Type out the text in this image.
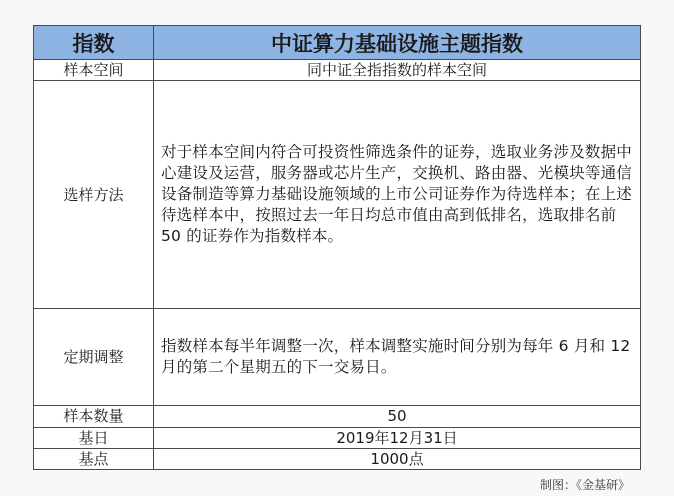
指数	中证算力基础设施主题指数
样本空间	同中证全指指数的样本空间
选样方法	对于样本空间内符合可投资性筛选条件的证券，选取业务涉及数据中心建设及运营，服务器或芯片生产，交换机、路由器、光模块等通信设备制造等算力基础设施领域的上市公司证券作为待选样本；在上述待选样本中，按照过去一年日均总市值由高到低排名，选取排名前 50 的证券作为指数样本。
定期调整	指数样本每半年调整一次，样本调整实施时间分别为每年 6 月和 12 月的第二个星期五的下一交易日。
样本数量	50
基日	2019年12月31日
基点	1000点
制图：《金基研》
